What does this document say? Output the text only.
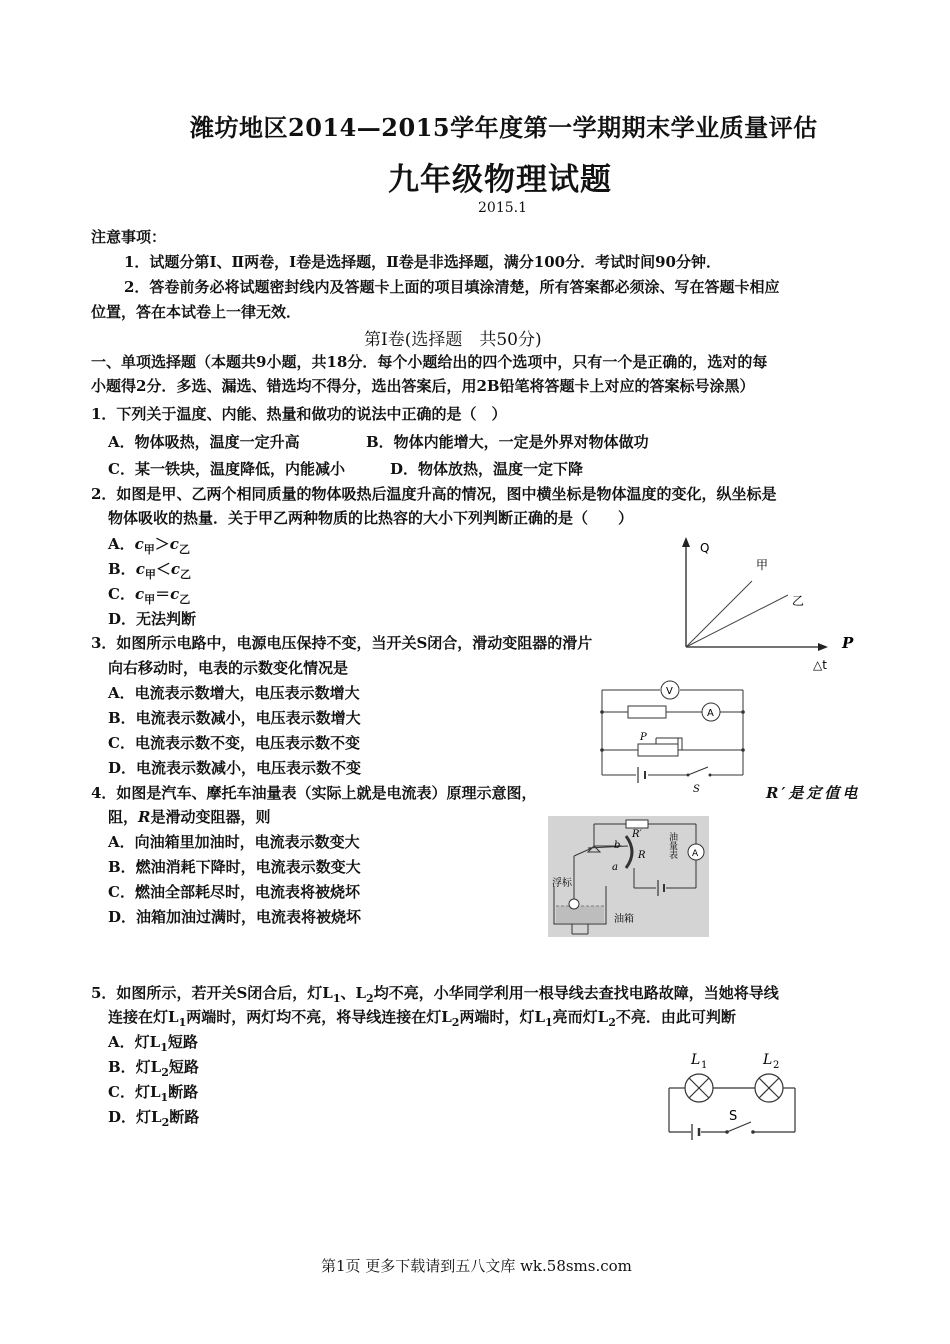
潍坊地区2014—2015学年度第一学期期末学业质量评估
九年级物理试题
2015.1
注意事项：
1．试题分第Ⅰ、Ⅱ两卷，I卷是选择题，Ⅱ卷是非选择题，满分100分．考试时间90分钟．
2．答卷前务必将试题密封线内及答题卡上面的项目填涂清楚，所有答案都必须涂、写在答题卡相应
位置，答在本试卷上一律无效．
第Ⅰ卷(选择题　共50分)
一、单项选择题（本题共9小题，共18分．每个小题给出的四个选项中，只有一个是正确的，选对的每
小题得2分．多选、漏选、错选均不得分，选出答案后，用2B铅笔将答题卡上对应的答案标号涂黑）
1．下列关于温度、内能、热量和做功的说法中正确的是（　）
A．物体吸热，温度一定升高	B．物体内能增大，一定是外界对物体做功
C．某一铁块，温度降低，内能减小	D．物体放热，温度一定下降
2．如图是甲、乙两个相同质量的物体吸热后温度升高的情况，图中横坐标是物体温度的变化，纵坐标是
物体吸收的热量．关于甲乙两种物质的比热容的大小下列判断正确的是（　　）
A．$c_甲>c_乙$
B．$c_甲<c_乙$
C．$c_甲=c_乙$
D．无法判断
Q
甲
乙
P
△t
3．如图所示电路中，电源电压保持不变，当开关S闭合，滑动变阻器的滑片
向右移动时，电表的示数变化情况是
A．电流表示数增大，电压表示数增大
B．电流表示数减小，电压表示数增大
C．电流表示数不变，电压表示数不变
D．电流表示数减小，电压表示数不变
V
A
P
S
4．如图是汽车、摩托车油量表（实际上就是电流表）原理示意图，	R′是定值电
阻，R是滑动变阻器，则
A．向油箱里加油时，电流表示数变大
B．燃油消耗下降时，电流表示数变大
C．燃油全部耗尽时，电流表将被烧坏
D．油箱加油过满时，电流表将被烧坏
R′
b
R
a
浮标
油箱
油量表 A
5．如图所示，若开关S闭合后，灯$L_1$、$L_2$均不亮，小华同学利用一根导线去查找电路故障，当她将导线
连接在灯$L_1$两端时，两灯均不亮，将导线连接在灯$L_2$两端时，灯$L_1$亮而灯$L_2$不亮．由此可判断
A．灯$L_1$短路
B．灯$L_2$短路
C．灯$L_1$断路
D．灯$L_2$断路
L 1	L 2
S
第1页 更多下载请到五八文库 wk.58sms.com
